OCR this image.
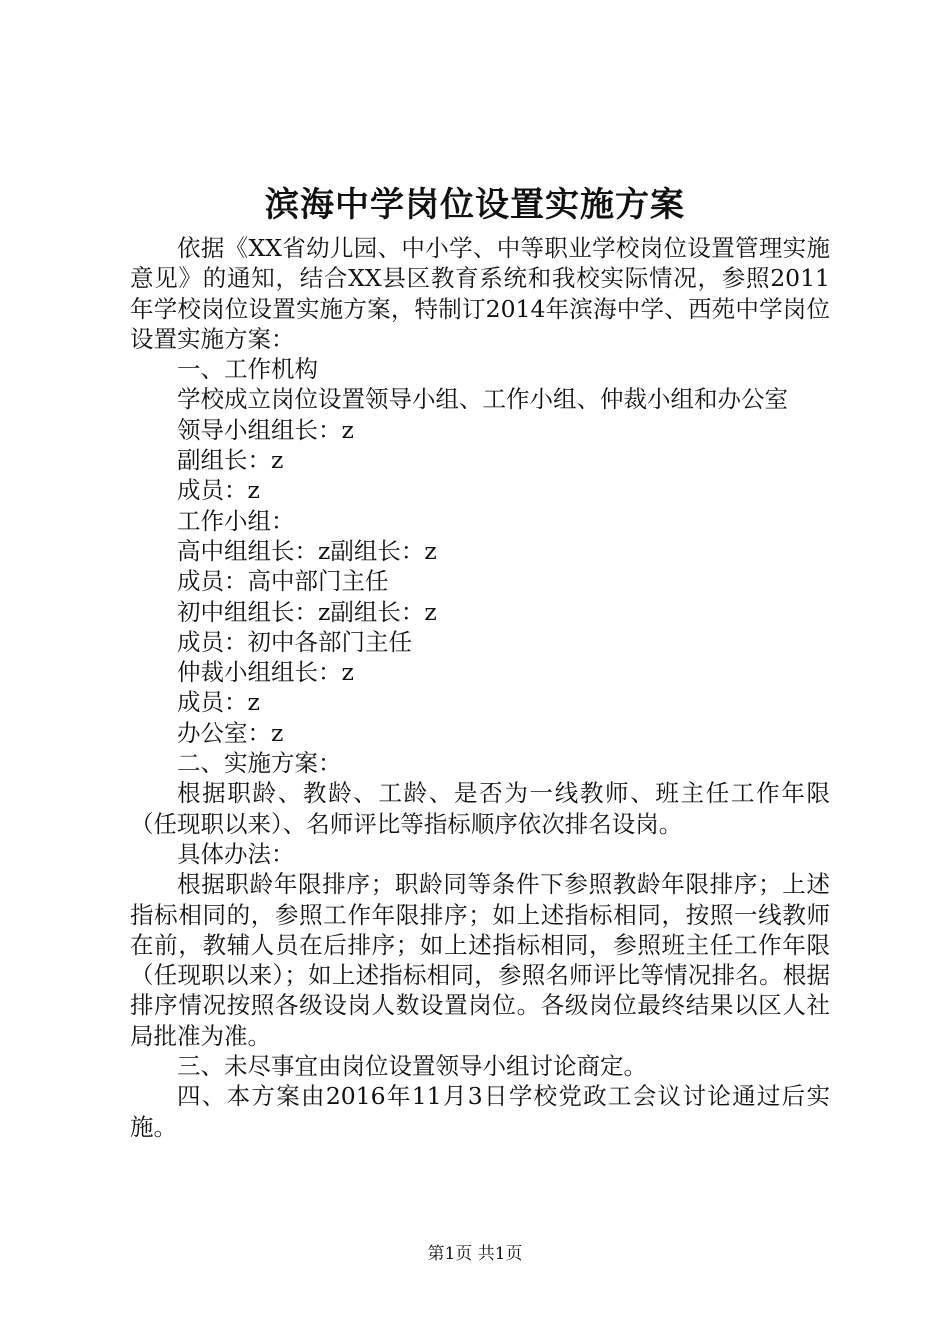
滨海中学岗位设置实施方案

依据《XX省幼儿园、中小学、中等职业学校岗位设置管理实施意见》的通知，结合XX县区教育系统和我校实际情况，参照2011年学校岗位设置实施方案，特制订2014年滨海中学、西苑中学岗位设置实施方案：

一、工作机构

学校成立岗位设置领导小组、工作小组、仲裁小组和办公室

领导小组组长：z

副组长：z

成员：z

工作小组：

高中组组长：z副组长：z

成员：高中部门主任

初中组组长：z副组长：z

成员：初中各部门主任

仲裁小组组长：z

成员：z

办公室：z

二、实施方案：

根据职龄、教龄、工龄、是否为一线教师、班主任工作年限（任现职以来）、名师评比等指标顺序依次排名设岗。

具体办法：

根据职龄年限排序；职龄同等条件下参照教龄年限排序；上述指标相同的，参照工作年限排序；如上述指标相同，按照一线教师在前，教辅人员在后排序；如上述指标相同，参照班主任工作年限（任现职以来）；如上述指标相同，参照名师评比等情况排名。根据排序情况按照各级设岗人数设置岗位。各级岗位最终结果以区人社局批准为准。

三、未尽事宜由岗位设置领导小组讨论商定。

四、本方案由2016年11月3日学校党政工会议讨论通过后实施。

第1页 共1页
